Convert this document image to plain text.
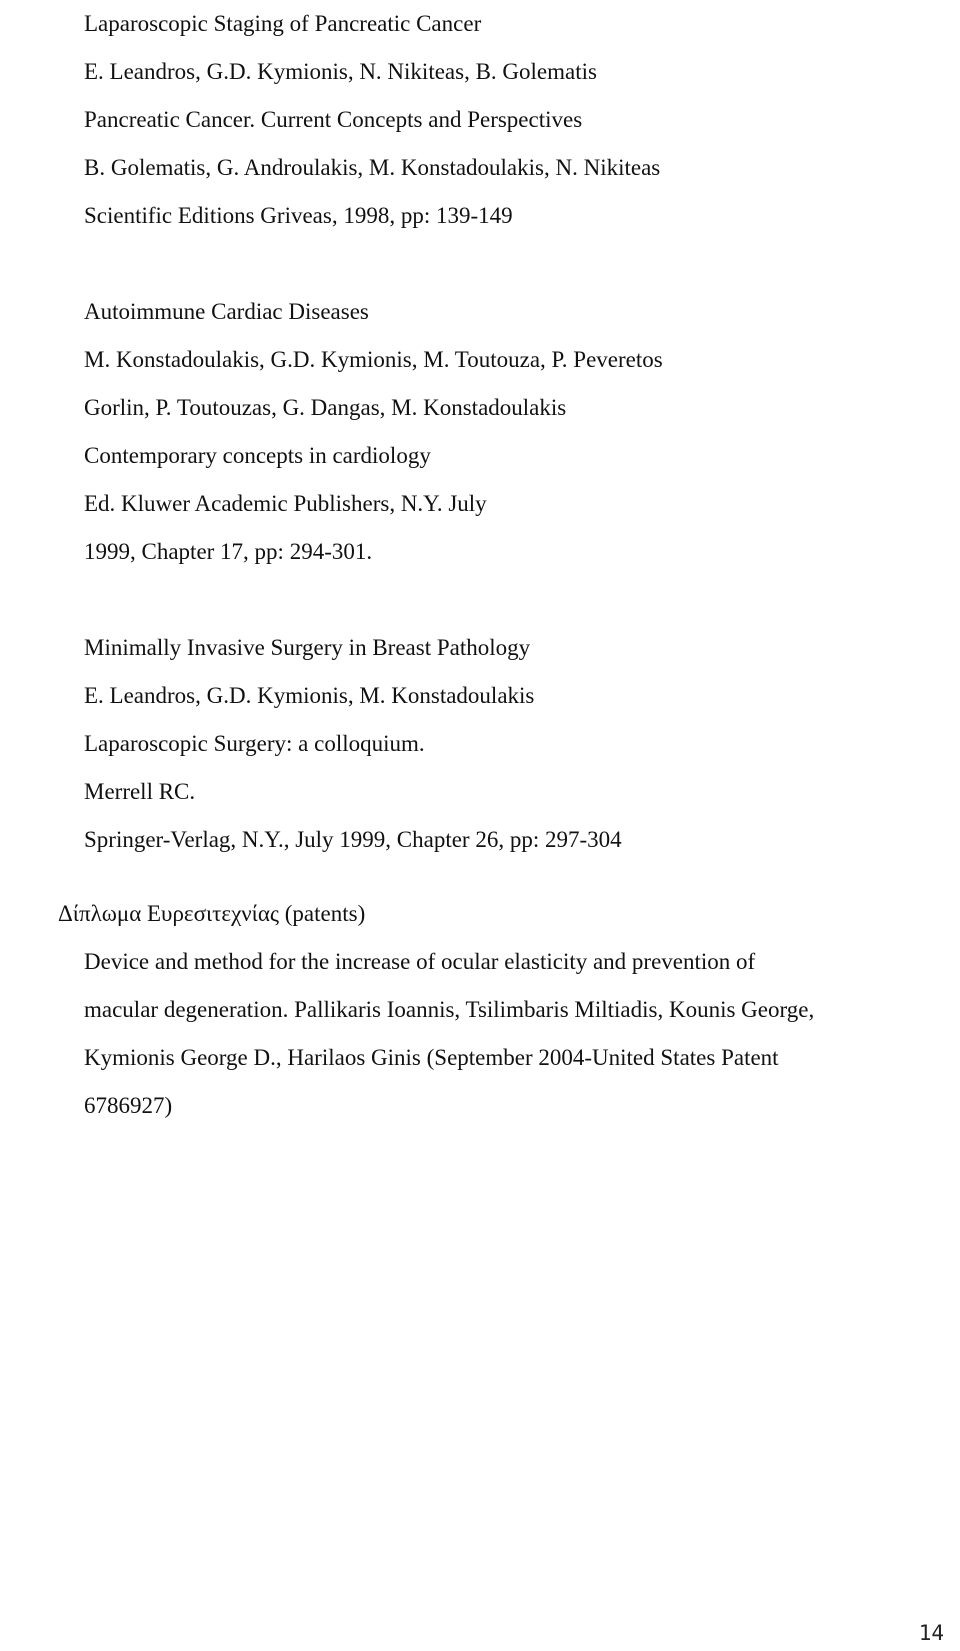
Laparoscopic Staging of Pancreatic Cancer

E. Leandros, G.D. Kymionis, N. Nikiteas, B. Golematis

Pancreatic Cancer. Current Concepts and Perspectives

B. Golematis, G. Androulakis, M. Konstadoulakis, N. Nikiteas

Scientific Editions Griveas, 1998, pp: 139-149

Autoimmune Cardiac Diseases

M. Konstadoulakis, G.D. Kymionis, M. Toutouza, P. Peveretos

Gorlin, P. Toutouzas, G. Dangas, M. Konstadoulakis

Contemporary concepts in cardiology

Ed. Kluwer Academic Publishers, N.Y. July

1999, Chapter 17, pp: 294-301.

Minimally Invasive Surgery in Breast Pathology

E. Leandros, G.D. Kymionis, M. Konstadoulakis

Laparoscopic Surgery: a colloquium.

Merrell RC.

Springer-Verlag, N.Y., July 1999, Chapter 26, pp: 297-304

Δίπλωμα Ευρεσιτεχνίας (patents)

Device and method for the increase of ocular elasticity and prevention of

macular degeneration. Pallikaris Ioannis, Tsilimbaris Miltiadis, Kounis George,

Kymionis George D., Harilaos Ginis (September 2004-United States Patent

6786927)

14
